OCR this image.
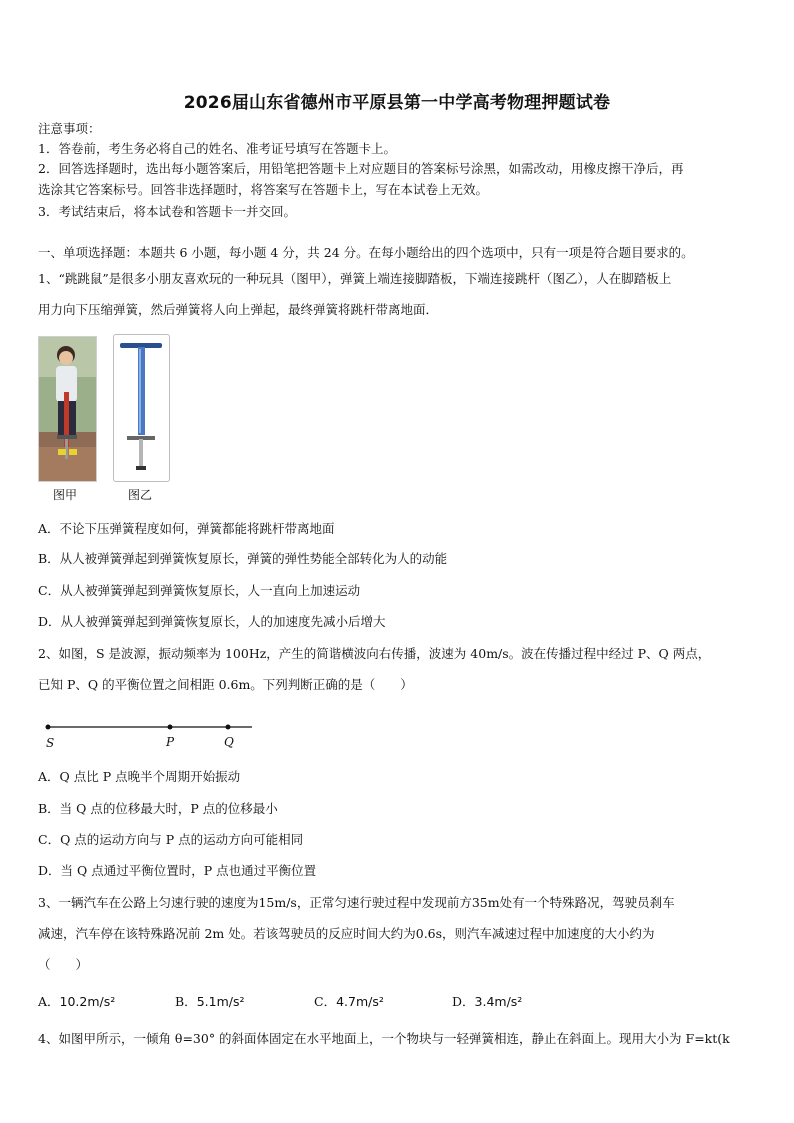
2026届山东省德州市平原县第一中学高考物理押题试卷
注意事项：
1．答卷前，考生务必将自己的姓名、准考证号填写在答题卡上。
2．回答选择题时，选出每小题答案后，用铅笔把答题卡上对应题目的答案标号涂黑，如需改动，用橡皮擦干净后，再
选涂其它答案标号。回答非选择题时，将答案写在答题卡上，写在本试卷上无效。
3．考试结束后，将本试卷和答题卡一并交回。
一、单项选择题：本题共 6 小题，每小题 4 分，共 24 分。在每小题给出的四个选项中，只有一项是符合题目要求的。
1、“跳跳鼠”是很多小朋友喜欢玩的一种玩具（图甲），弹簧上端连接脚踏板，下端连接跳杆（图乙），人在脚踏板上
用力向下压缩弹簧，然后弹簧将人向上弹起，最终弹簧将跳杆带离地面．
图甲	图乙
A．不论下压弹簧程度如何，弹簧都能将跳杆带离地面
B．从人被弹簧弹起到弹簧恢复原长，弹簧的弹性势能全部转化为人的动能
C．从人被弹簧弹起到弹簧恢复原长，人一直向上加速运动
D．从人被弹簧弹起到弹簧恢复原长，人的加速度先减小后增大
2、如图，S 是波源，振动频率为 100Hz，产生的简谐横波向右传播，波速为 40m/s。波在传播过程中经过 P、Q 两点，
已知 P、Q 的平衡位置之间相距 0.6m。下列判断正确的是（　　）
S	P	Q
A．Q 点比 P 点晚半个周期开始振动
B．当 Q 点的位移最大时，P 点的位移最小
C．Q 点的运动方向与 P 点的运动方向可能相同
D．当 Q 点通过平衡位置时，P 点也通过平衡位置
3、一辆汽车在公路上匀速行驶的速度为15m/s，正常匀速行驶过程中发现前方35m处有一个特殊路况，驾驶员刹车
减速，汽车停在该特殊路况前 2m 处。若该驾驶员的反应时间大约为0.6s，则汽车减速过程中加速度的大小约为
（　　）
A．10.2m/s²	B．5.1m/s²	C．4.7m/s²	D．3.4m/s²
4、如图甲所示，一倾角 θ=30° 的斜面体固定在水平地面上，一个物块与一轻弹簧相连，静止在斜面上。现用大小为 F=kt(k
